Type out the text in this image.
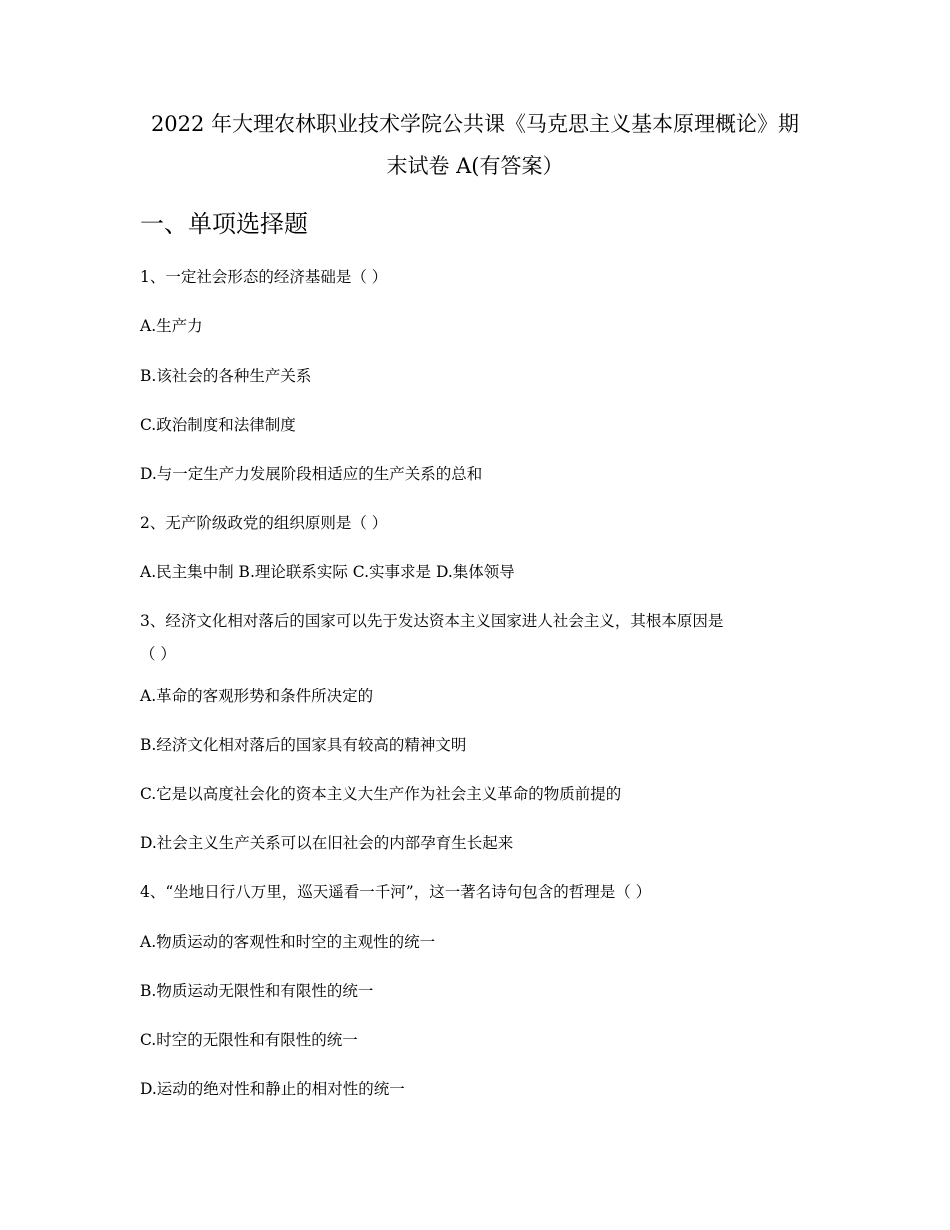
2022 年大理农林职业技术学院公共课《马克思主义基本原理概论》期
末试卷 A(有答案）
一、单项选择题
1、一定社会形态的经济基础是（ ）
A.生产力
B.该社会的各种生产关系
C.政治制度和法律制度
D.与一定生产力发展阶段相适应的生产关系的总和
2、无产阶级政党的组织原则是（ ）
A.民主集中制 B.理论联系实际 C.实事求是 D.集体领导
3、经济文化相对落后的国家可以先于发达资本主义国家进人社会主义，其根本原因是
（ ）
A.革命的客观形势和条件所决定的
B.经济文化相对落后的国家具有较高的精神文明
C.它是以高度社会化的资本主义大生产作为社会主义革命的物质前提的
D.社会主义生产关系可以在旧社会的内部孕育生长起来
4、“坐地日行八万里，巡天遥看一千河”，这一著名诗句包含的哲理是（ ）
A.物质运动的客观性和时空的主观性的统一
B.物质运动无限性和有限性的统一
C.时空的无限性和有限性的统一
D.运动的绝对性和静止的相对性的统一
